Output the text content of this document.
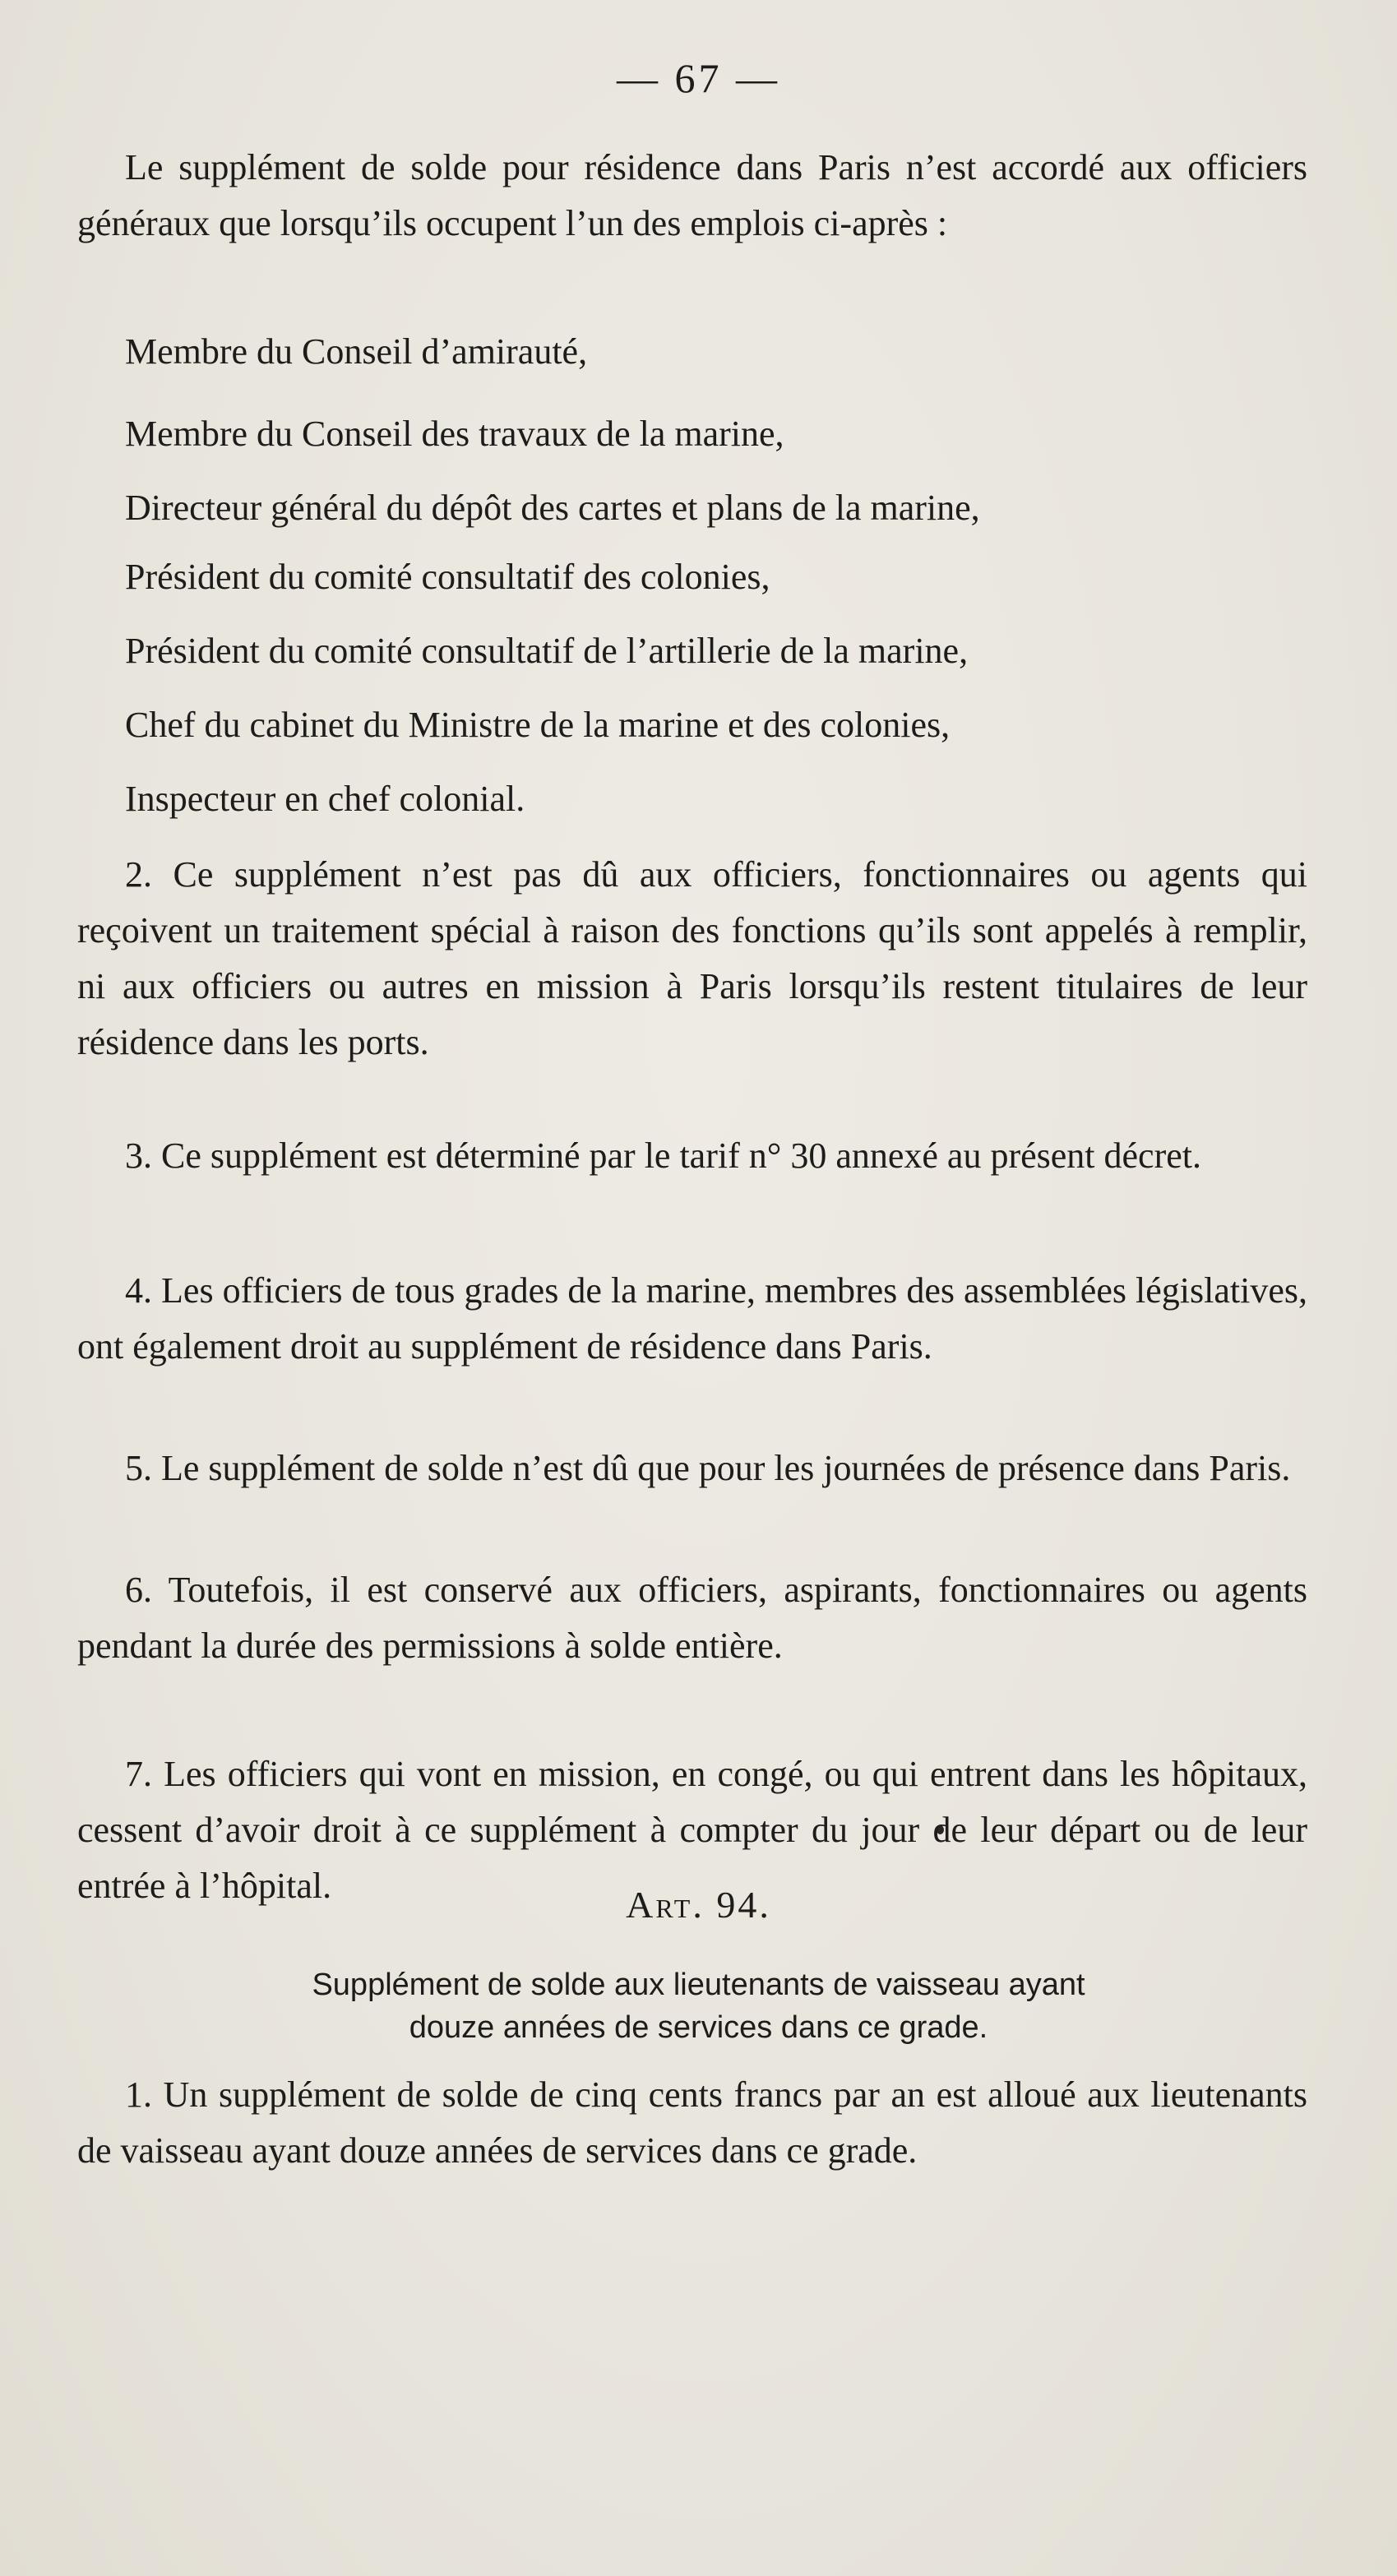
— 67 —
Le supplément de solde pour résidence dans Paris n’est accordé aux officiers généraux que lorsqu’ils occupent l’un des emplois ci-après :
Membre du Conseil d’amirauté,
Membre du Conseil des travaux de la marine,
Directeur général du dépôt des cartes et plans de la marine,
Président du comité consultatif des colonies,
Président du comité consultatif de l’artillerie de la marine,
Chef du cabinet du Ministre de la marine et des colonies,
Inspecteur en chef colonial.
2. Ce supplément n’est pas dû aux officiers, fonctionnaires ou agents qui reçoivent un traitement spécial à raison des fonctions qu’ils sont appelés à remplir, ni aux officiers ou autres en mission à Paris lorsqu’ils restent titulaires de leur résidence dans les ports.
3. Ce supplément est déterminé par le tarif n° 30 annexé au présent décret.
4. Les officiers de tous grades de la marine, membres des assemblées législatives, ont également droit au supplément de résidence dans Paris.
Art. 94.
Supplément de solde aux lieutenants de vaisseau ayant
douze années de services dans ce grade.
1. Un supplément de solde de cinq cents francs par an est alloué aux lieutenants de vaisseau ayant douze années de services dans ce grade.
5. Le supplément de solde n’est dû que pour les journées de présence dans Paris.
6. Toutefois, il est conservé aux officiers, aspirants, fonctionnaires ou agents pendant la durée des permissions à solde entière.
7. Les officiers qui vont en mission, en congé, ou qui entrent dans les hôpitaux, cessent d’avoir droit à ce supplément à compter du jour de leur départ ou de leur entrée à l’hôpital.
